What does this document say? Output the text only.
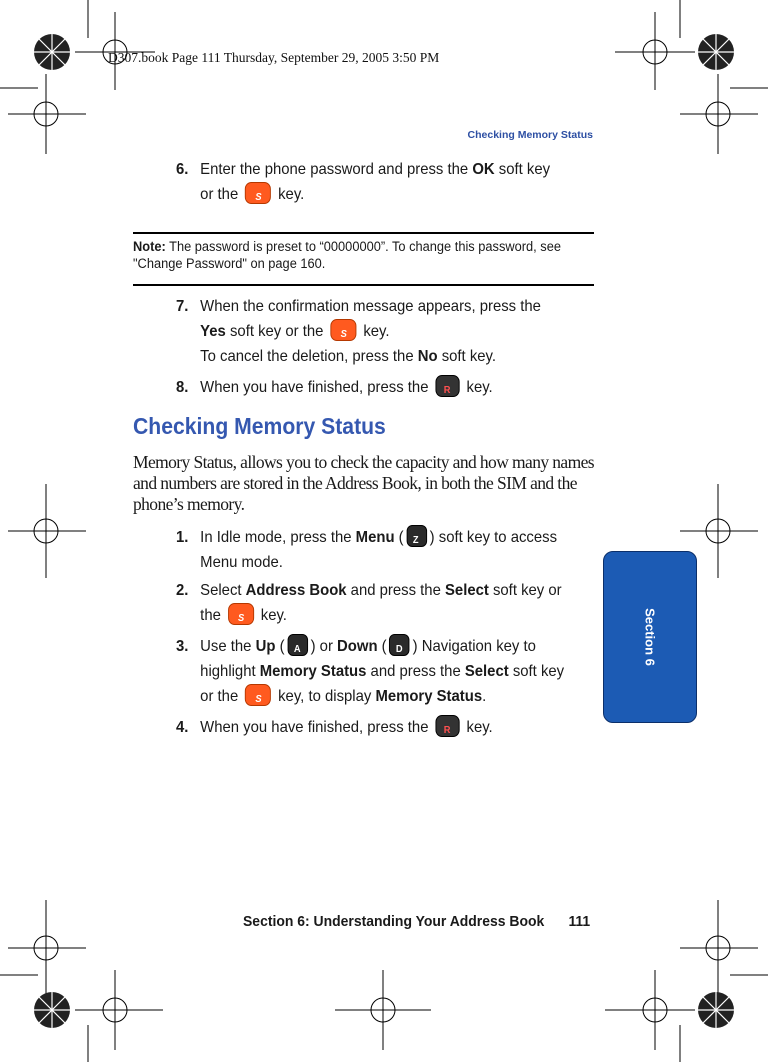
D307.book Page 111 Thursday, September 29, 2005 3:50 PM
Checking Memory Status
6. Enter the phone password and press the OK soft key or the S key.
Note: The password is preset to “00000000”. To change this password, see "Change Password" on page 160.
7. When the confirmation message appears, press the Yes soft key or the S key.
To cancel the deletion, press the No soft key.
8. When you have finished, press the R key.
Checking Memory Status
Memory Status, allows you to check the capacity and how many names and numbers are stored in the Address Book, in both the SIM and the phone’s memory.
1. In Idle mode, press the Menu ( Z ) soft key to access Menu mode.
2. Select Address Book and press the Select soft key or the S key.
3. Use the Up ( A ) or Down ( D ) Navigation key to highlight Memory Status and press the Select soft key or the S key, to display Memory Status.
4. When you have finished, press the R key.
Section 6
Section 6: Understanding Your Address Book 111
